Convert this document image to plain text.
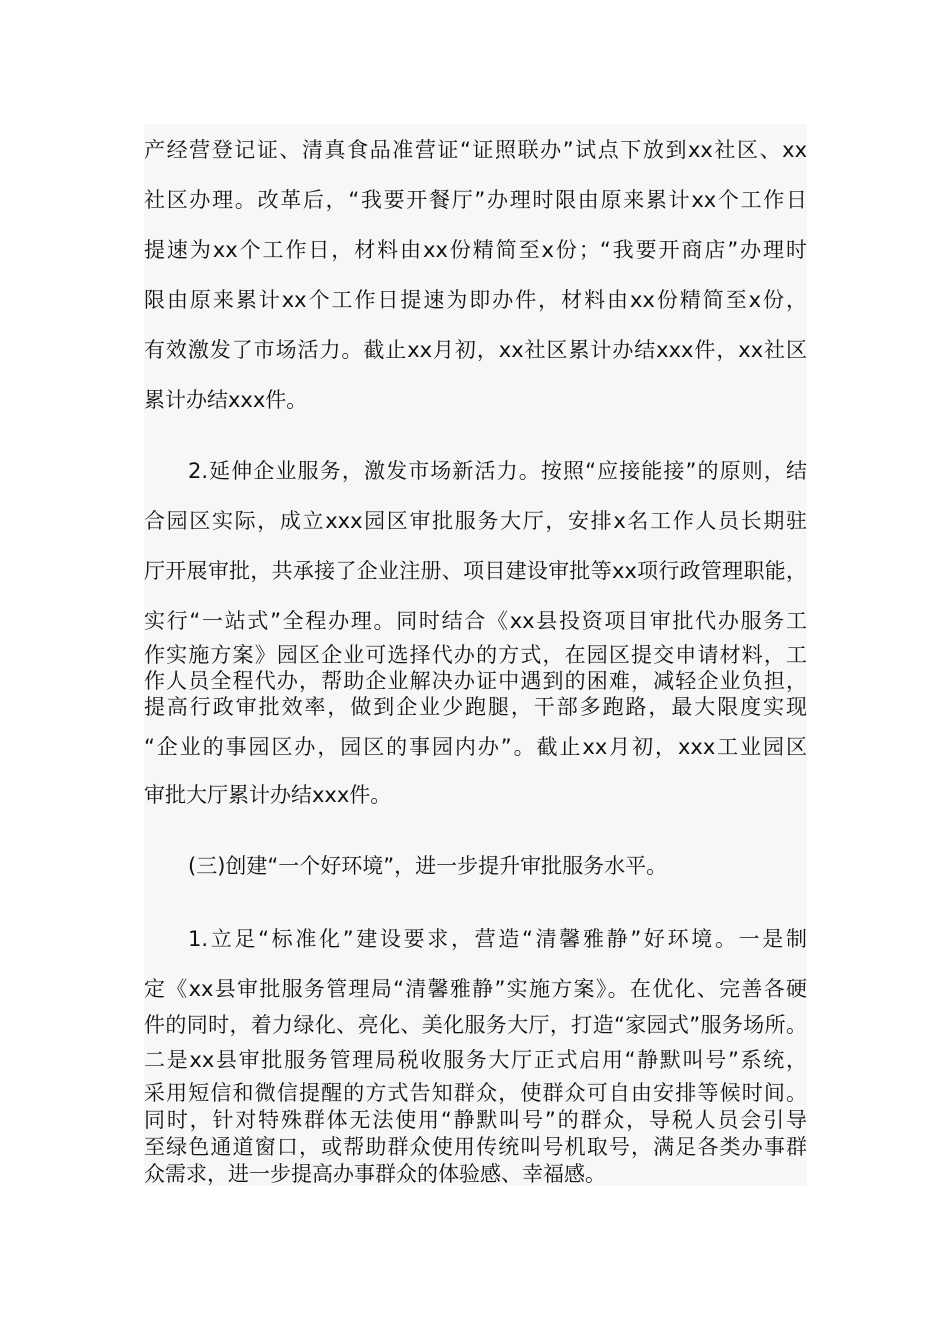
产经营登记证、清真食品准营证“证照联办”试点下放到xx社区、xx
社区办理。改革后，“我要开餐厅”办理时限由原来累计xx个工作日
提速为xx个工作日，材料由xx份精简至x份；“我要开商店”办理时
限由原来累计xx个工作日提速为即办件，材料由xx份精简至x份，
有效激发了市场活力。截止xx月初，xx社区累计办结xxx件，xx社区
累计办结xxx件。
2.延伸企业服务，激发市场新活力。按照“应接能接”的原则，结
合园区实际，成立xxx园区审批服务大厅，安排x名工作人员长期驻
厅开展审批，共承接了企业注册、项目建设审批等xx项行政管理职能，
实行“一站式”全程办理。同时结合《xx县投资项目审批代办服务工
作实施方案》园区企业可选择代办的方式，在园区提交申请材料，工
作人员全程代办，帮助企业解决办证中遇到的困难，减轻企业负担，
提高行政审批效率，做到企业少跑腿，干部多跑路，最大限度实现
“企业的事园区办，园区的事园内办”。截止xx月初，xxx工业园区
审批大厅累计办结xxx件。
(三)创建“一个好环境”，进一步提升审批服务水平。
1.立足“标准化”建设要求，营造“清馨雅静”好环境。一是制
定《xx县审批服务管理局“清馨雅静”实施方案》。在优化、完善各硬
件的同时，着力绿化、亮化、美化服务大厅，打造“家园式”服务场所。
二是xx县审批服务管理局税收服务大厅正式启用“静默叫号”系统，
采用短信和微信提醒的方式告知群众，使群众可自由安排等候时间。
同时，针对特殊群体无法使用“静默叫号”的群众，导税人员会引导
至绿色通道窗口，或帮助群众使用传统叫号机取号，满足各类办事群
众需求，进一步提高办事群众的体验感、幸福感。
